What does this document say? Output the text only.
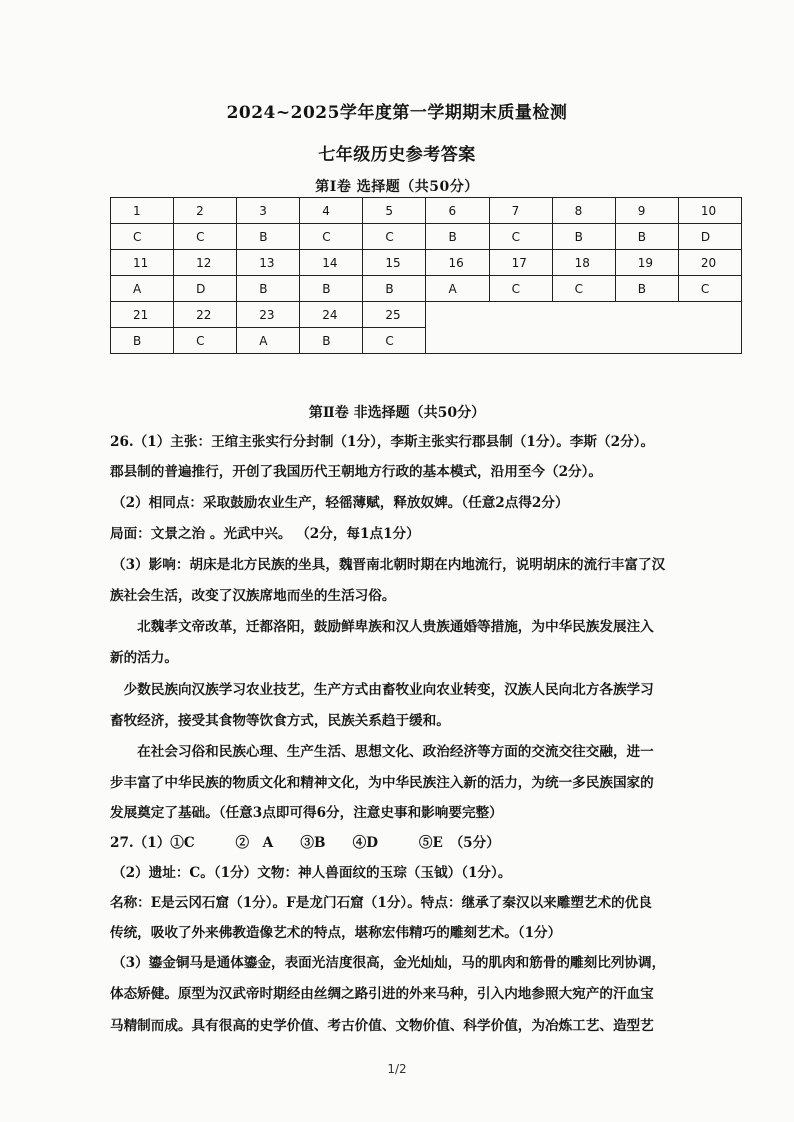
2024~2025学年度第一学期期末质量检测
七年级历史参考答案
第Ⅰ卷 选择题（共50分）
1	2	3	4	5	6	7	8	9	10
C	C	B	C	C	B	C	B	B	D
11	12	13	14	15	16	17	18	19	20
A	D	B	B	B	A	C	C	B	C
21	22	23	24	25					
B	C	A	B	C					
第Ⅱ卷 非选择题（共50分）
26.（1）主张：王绾主张实行分封制（1分），李斯主张实行郡县制（1分）。李斯（2分）。
郡县制的普遍推行，开创了我国历代王朝地方行政的基本模式，沿用至今（2分）。
（2）相同点：采取鼓励农业生产，轻徭薄赋，释放奴婢。（任意2点得2分）
局面：文景之治 。光武中兴。 （2分，每1点1分）
（3）影响：胡床是北方民族的坐具，魏晋南北朝时期在内地流行，说明胡床的流行丰富了汉
族社会生活，改变了汉族席地而坐的生活习俗。
　　北魏孝文帝改革，迁都洛阳，鼓励鲜卑族和汉人贵族通婚等措施，为中华民族发展注入
新的活力。
　少数民族向汉族学习农业技艺，生产方式由畜牧业向农业转变，汉族人民向北方各族学习
畜牧经济，接受其食物等饮食方式，民族关系趋于缓和。
　　在社会习俗和民族心理、生产生活、思想文化、政治经济等方面的交流交往交融，进一
步丰富了中华民族的物质文化和精神文化，为中华民族注入新的活力，为统一多民族国家的
发展奠定了基础。（任意3点即可得6分，注意史事和影响要完整）
27.（1）①C　　　②　A　　③B　　④D　　　⑤E　（5分）
（2）遗址：C。（1分）文物：神人兽面纹的玉琮（玉钺）（1分）。
名称：E是云冈石窟（1分）。F是龙门石窟（1分）。特点：继承了秦汉以来雕塑艺术的优良
传统，吸收了外来佛教造像艺术的特点，堪称宏伟精巧的雕刻艺术。（1分）
（3）鎏金铜马是通体鎏金，表面光洁度很高，金光灿灿，马的肌肉和筋骨的雕刻比列协调，
体态矫健。原型为汉武帝时期经由丝绸之路引进的外来马种，引入内地参照大宛产的汗血宝
马精制而成。具有很高的史学价值、考古价值、文物价值、科学价值，为冶炼工艺、造型艺
1/2
